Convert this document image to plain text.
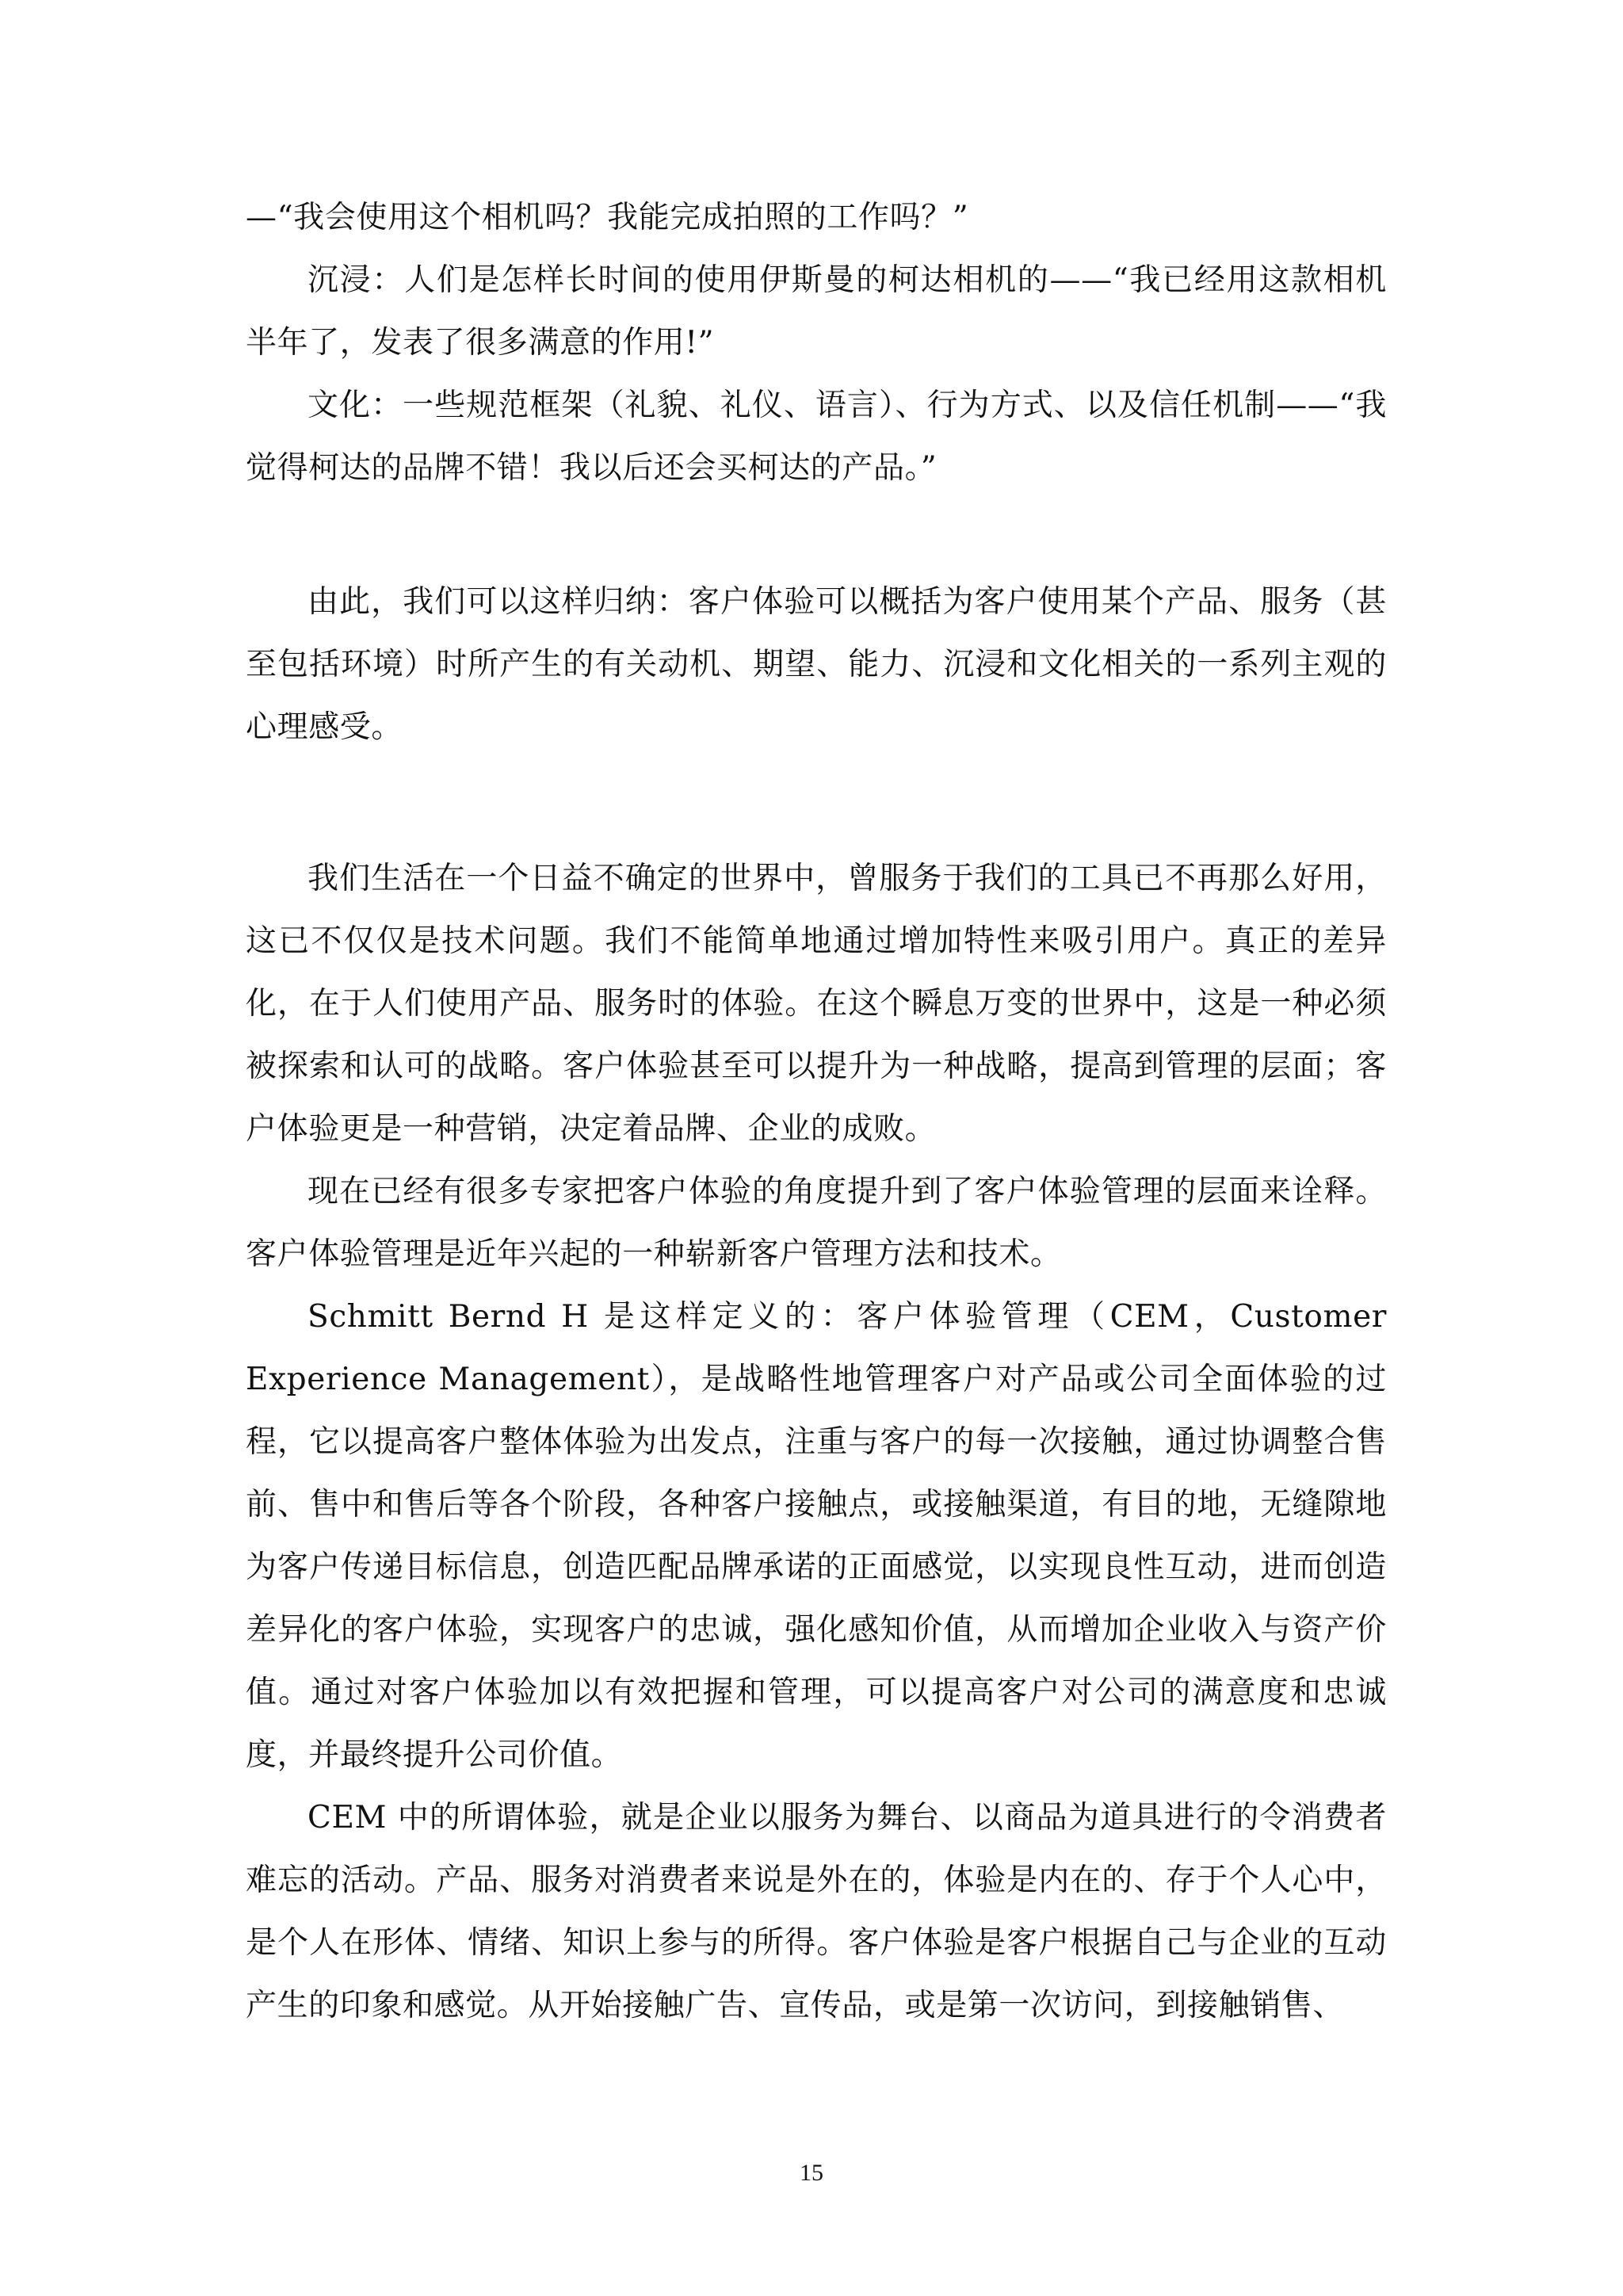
—“我会使用这个相机吗？我能完成拍照的工作吗？”

沉浸：人们是怎样长时间的使用伊斯曼的柯达相机的——“我已经用这款相机半年了，发表了很多满意的作用!”

文化：一些规范框架（礼貌、礼仪、语言）、行为方式、以及信任机制——“我觉得柯达的品牌不错！我以后还会买柯达的产品。”

由此，我们可以这样归纳：客户体验可以概括为客户使用某个产品、服务（甚至包括环境）时所产生的有关动机、期望、能力、沉浸和文化相关的一系列主观的心理感受。

我们生活在一个日益不确定的世界中，曾服务于我们的工具已不再那么好用，这已不仅仅是技术问题。我们不能简单地通过增加特性来吸引用户。真正的差异化，在于人们使用产品、服务时的体验。在这个瞬息万变的世界中，这是一种必须被探索和认可的战略。客户体验甚至可以提升为一种战略，提高到管理的层面；客户体验更是一种营销，决定着品牌、企业的成败。

现在已经有很多专家把客户体验的角度提升到了客户体验管理的层面来诠释。客户体验管理是近年兴起的一种崭新客户管理方法和技术。

Schmitt Bernd H 是这样定义的：客户体验管理（CEM，Customer Experience Management），是战略性地管理客户对产品或公司全面体验的过程，它以提高客户整体体验为出发点，注重与客户的每一次接触，通过协调整合售前、售中和售后等各个阶段，各种客户接触点，或接触渠道，有目的地，无缝隙地为客户传递目标信息，创造匹配品牌承诺的正面感觉，以实现良性互动，进而创造差异化的客户体验，实现客户的忠诚，强化感知价值，从而增加企业收入与资产价值。通过对客户体验加以有效把握和管理，可以提高客户对公司的满意度和忠诚度，并最终提升公司价值。

CEM 中的所谓体验，就是企业以服务为舞台、以商品为道具进行的令消费者难忘的活动。产品、服务对消费者来说是外在的，体验是内在的、存于个人心中，是个人在形体、情绪、知识上参与的所得。客户体验是客户根据自己与企业的互动产生的印象和感觉。从开始接触广告、宣传品，或是第一次访问，到接触销售、

15
